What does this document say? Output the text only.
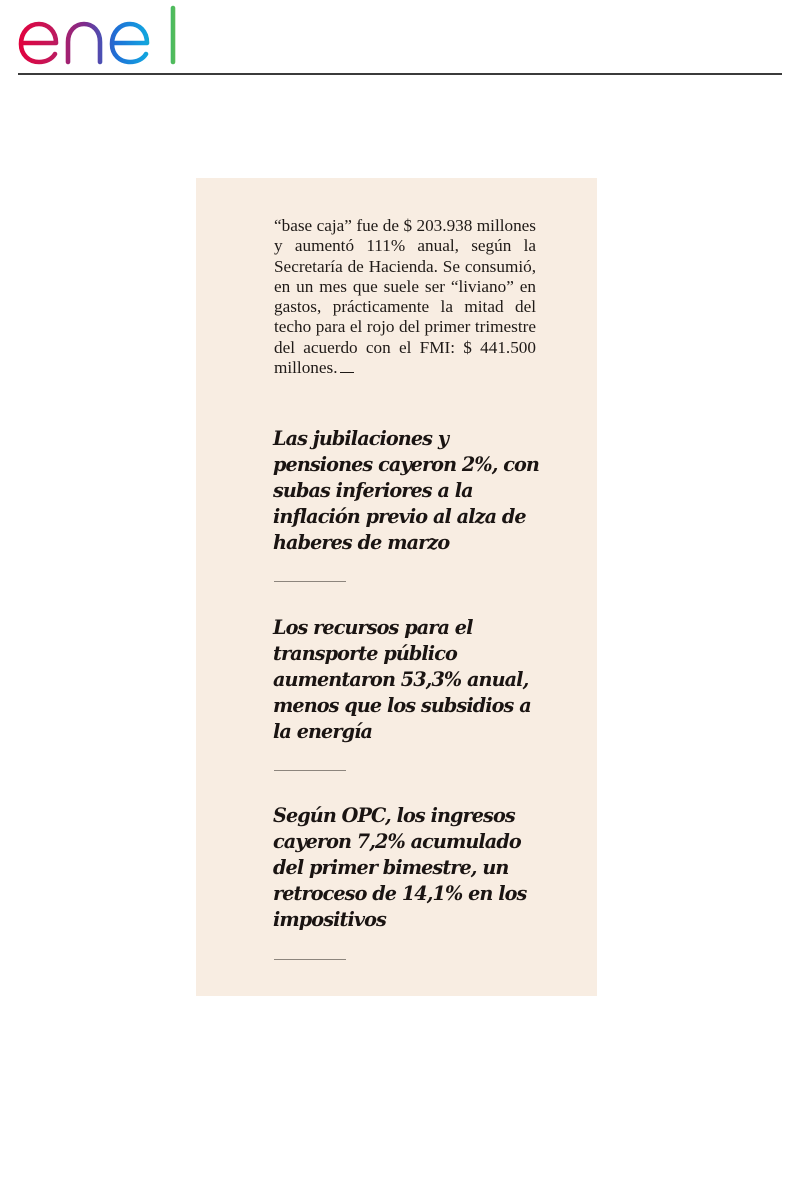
“base caja” fue de $ 203.938 millones y aumentó 111% anual, según la Secretaría de Hacienda. Se consumió, en un mes que suele ser “liviano” en gastos, prácticamente la mitad del techo para el rojo del primer trimestre del acuerdo con el FMI: $ 441.500 millones.

Las jubilaciones y pensiones cayeron 2%, con subas inferiores a la inflación previo al alza de haberes de marzo

Los recursos para el transporte público aumentaron 53,3% anual, menos que los subsidios a la energía

Según OPC, los ingresos cayeron 7,2% acumulado del primer bimestre, un retroceso de 14,1% en los impositivos
